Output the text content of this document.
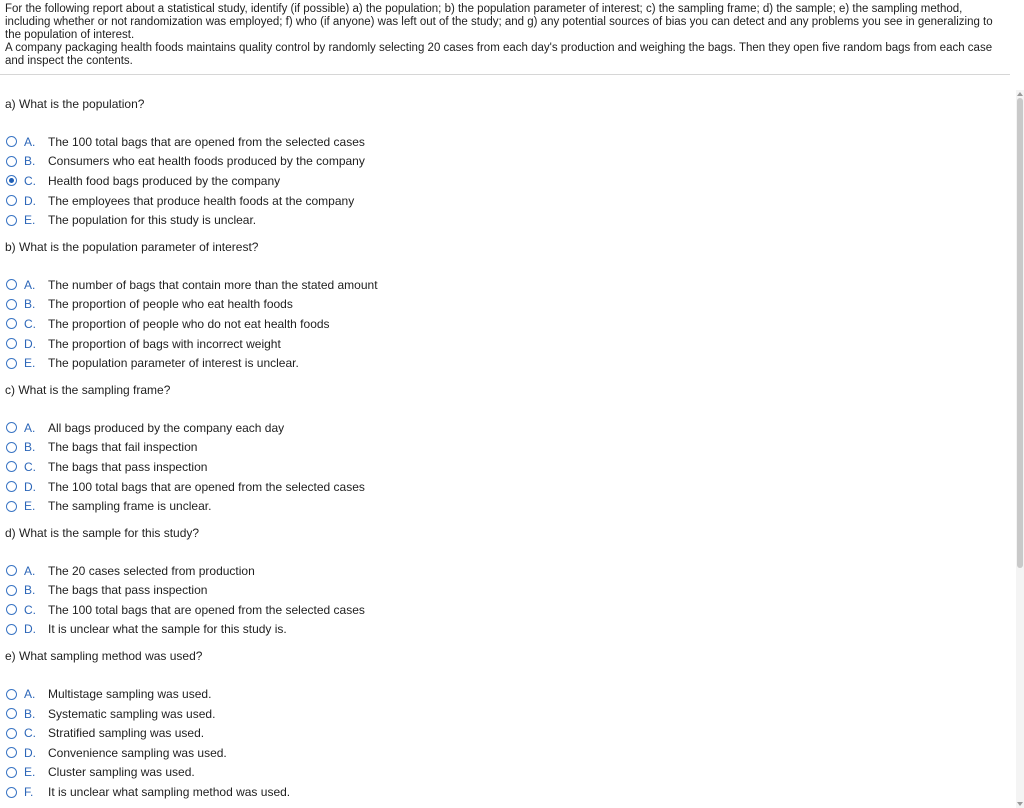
For the following report about a statistical study, identify (if possible) a) the population; b) the population parameter of interest; c) the sampling frame; d) the sample; e) the sampling method, including whether or not randomization was employed; f) who (if anyone) was left out of the study; and g) any potential sources of bias you can detect and any problems you see in generalizing to the population of interest.

A company packaging health foods maintains quality control by randomly selecting 20 cases from each day's production and weighing the bags. Then they open five random bags from each case and inspect the contents.

a) What is the population?

A.	The 100 total bags that are opened from the selected cases
B.	Consumers who eat health foods produced by the company
C.	Health food bags produced by the company
D.	The employees that produce health foods at the company
E.	The population for this study is unclear.

b) What is the population parameter of interest?

A.	The number of bags that contain more than the stated amount
B.	The proportion of people who eat health foods
C.	The proportion of people who do not eat health foods
D.	The proportion of bags with incorrect weight
E.	The population parameter of interest is unclear.

c) What is the sampling frame?

A.	All bags produced by the company each day
B.	The bags that fail inspection
C.	The bags that pass inspection
D.	The 100 total bags that are opened from the selected cases
E.	The sampling frame is unclear.

d) What is the sample for this study?

A.	The 20 cases selected from production
B.	The bags that pass inspection
C.	The 100 total bags that are opened from the selected cases
D.	It is unclear what the sample for this study is.

e) What sampling method was used?

A.	Multistage sampling was used.
B.	Systematic sampling was used.
C.	Stratified sampling was used.
D.	Convenience sampling was used.
E.	Cluster sampling was used.
F.	It is unclear what sampling method was used.
